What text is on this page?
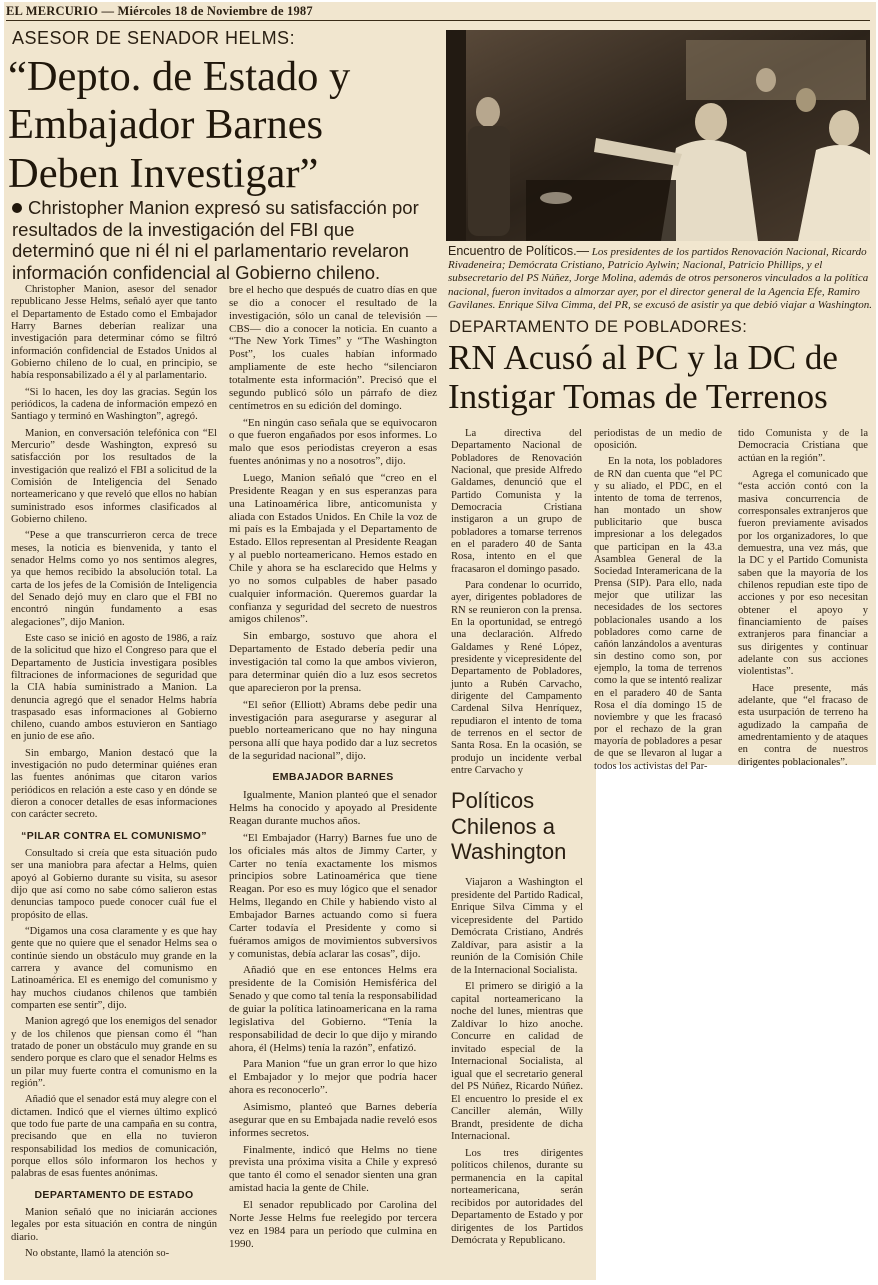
EL MERCURIO — Miércoles 18 de Noviembre de 1987
ASESOR DE SENADOR HELMS:
“Depto. de Estado y
Embajador Barnes
Deben Investigar”
Christopher Manion expresó su satisfacción por resultados de la investigación del FBI que determinó que ni él ni el parlamentario revelaron información confidencial al Gobierno chileno.

Christopher Manion, asesor del senador republicano Jesse Helms, señaló ayer que tanto el Departamento de Estado como el Embajador Harry Barnes deberían realizar una investigación para determinar cómo se filtró información confidencial de Estados Unidos al Gobierno chileno de lo cual, en principio, se había responsabilizado a él y al parlamentario.

“Si lo hacen, les doy las gracias. Según los periódicos, la cadena de información empezó en Santiago y terminó en Washington”, agregó.

Manion, en conversación telefónica con “El Mercurio” desde Washington, expresó su satisfacción por los resultados de la investigación que realizó el FBI a solicitud de la Comisión de Inteligencia del Senado norteamericano y que reveló que ellos no habían suministrado esos informes clasificados al Gobierno chileno.

“Pese a que transcurrieron cerca de trece meses, la noticia es bienvenida, y tanto el senador Helms como yo nos sentimos alegres, ya que hemos recibido la absolución total. La carta de los jefes de la Comisión de Inteligencia del Senado dejó muy en claro que el FBI no encontró ningún fundamento a esas alegaciones”, dijo Manion.

Este caso se inició en agosto de 1986, a raíz de la solicitud que hizo el Congreso para que el Departamento de Justicia investigara posibles filtraciones de informaciones de seguridad que la CIA había suministrado a Manion. La denuncia agregó que el senador Helms habría traspasado esas informaciones al Gobierno chileno, cuando ambos estuvieron en Santiago en junio de ese año.

Sin embargo, Manion destacó que la investigación no pudo determinar quiénes eran las fuentes anónimas que citaron varios periódicos en relación a este caso y en dónde se dieron a conocer detalles de esas informaciones con carácter secreto.

“PILAR CONTRA EL COMUNISMO”

Consultado si creía que esta situación pudo ser una maniobra para afectar a Helms, quien apoyó al Gobierno durante su visita, su asesor dijo que así como no sabe cómo salieron estas denuncias tampoco puede conocer cuál fue el propósito de ellas.

“Digamos una cosa claramente y es que hay gente que no quiere que el senador Helms sea o continúe siendo un obstáculo muy grande en la carrera y avance del comunismo en Latinoamérica. El es enemigo del comunismo y hay muchos ciudanos chilenos que también comparten ese sentir”, dijo.

Manion agregó que los enemigos del senador y de los chilenos que piensan como él “han tratado de poner un obstáculo muy grande en su sendero porque es claro que el senador Helms es un pilar muy fuerte contra el comunismo en la región”.

Añadió que el senador está muy alegre con el dictamen. Indicó que el viernes último explicó que todo fue parte de una campaña en su contra, precisando que en ella no tuvieron responsabilidad los medios de comunicación, porque ellos sólo informaron los hechos y palabras de esas fuentes anónimas.

DEPARTAMENTO DE ESTADO

Manion señaló que no iniciarán acciones legales por esta situación en contra de ningún diario.

No obstante, llamó la atención so-

bre el hecho que después de cuatro días en que se dio a conocer el resultado de la investigación, sólo un canal de televisión —CBS— dio a conocer la noticia. En cuanto a “The New York Times” y “The Washington Post”, los cuales habían informado ampliamente de este hecho “silenciaron totalmente esta información”. Precisó que el segundo publicó sólo un párrafo de diez centímetros en su edición del domingo.

“En ningún caso señala que se equivocaron o que fueron engañados por esos informes. Lo malo que esos periodistas creyeron a esas fuentes anónimas y no a nosotros”, dijo.

Luego, Manion señaló que “creo en el Presidente Reagan y en sus esperanzas para una Latinoamérica libre, anticomunista y aliada con Estados Unidos. En Chile la voz de mi país es la Embajada y el Departamento de Estado. Ellos representan al Presidente Reagan y al pueblo norteamericano. Hemos estado en Chile y ahora se ha esclarecido que Helms y yo no somos culpables de haber pasado cualquier información. Queremos guardar la confianza y seguridad del secreto de nuestros amigos chilenos”.

Sin embargo, sostuvo que ahora el Departamento de Estado debería pedir una investigación tal como la que ambos vivieron, para determinar quién dio a luz esos secretos que aparecieron por la prensa.

“El señor (Elliott) Abrams debe pedir una investigación para asegurarse y asegurar al pueblo norteamericano que no hay ninguna persona allí que haya podido dar a luz secretos de la seguridad nacional”, dijo.

EMBAJADOR BARNES

Igualmente, Manion planteó que el senador Helms ha conocido y apoyado al Presidente Reagan durante muchos años.

“El Embajador (Harry) Barnes fue uno de los oficiales más altos de Jimmy Carter, y Carter no tenía exactamente los mismos principios sobre Latinoamérica que tiene Reagan. Por eso es muy lógico que el senador Helms, llegando en Chile y habiendo visto al Embajador Barnes actuando como si fuera Carter todavía el Presidente y como si fuéramos amigos de movimientos subversivos y comunistas, debía aclarar las cosas”, dijo.

Añadió que en ese entonces Helms era presidente de la Comisión Hemisférica del Senado y que como tal tenía la responsabilidad de guiar la política latinoamericana en la rama legislativa del Gobierno. “Tenía la responsabilidad de decir lo que dijo y mirando ahora, él (Helms) tenía la razón”, enfatizó.

Para Manion “fue un gran error lo que hizo el Embajador y lo mejor que podría hacer ahora es reconocerlo”.

Asimismo, planteó que Barnes debería asegurar que en su Embajada nadie reveló esos informes secretos.

Finalmente, indicó que Helms no tiene prevista una próxima visita a Chile y expresó que tanto él como el senador sienten una gran amistad hacia la gente de Chile.

El senador republicado por Carolina del Norte Jesse Helms fue reelegido por tercera vez en 1984 para un período que culmina en 1990.

Encuentro de Políticos.— Los presidentes de los partidos Renovación Nacional, Ricardo Rivadeneira; Demócrata Cristiano, Patricio Aylwin; Nacional, Patricio Phillips, y el subsecretario del PS Núñez, Jorge Molina, además de otros personeros vinculados a la política nacional, fueron invitados a almorzar ayer, por el director general de la Agencia Efe, Ramiro Gavilanes. Enrique Silva Cimma, del PR, se excusó de asistir ya que debió viajar a Washington.
DEPARTAMENTO DE POBLADORES:
RN Acusó al PC y la DC de
Instigar Tomas de Terrenos

La directiva del Departamento Nacional de Pobladores de Renovación Nacional, que preside Alfredo Galdames, denunció que el Partido Comunista y la Democracia Cristiana instigaron a un grupo de pobladores a tomarse terrenos en el paradero 40 de Santa Rosa, intento en el que fracasaron el domingo pasado.

Para condenar lo ocurrido, ayer, dirigentes pobladores de RN se reunieron con la prensa. En la oportunidad, se entregó una declaración. Alfredo Galdames y René López, presidente y vicepresidente del Departamento de Pobladores, junto a Rubén Carvacho, dirigente del Campamento Cardenal Silva Henríquez, repudiaron el intento de toma de terrenos en el sector de Santa Rosa. En la ocasión, se produjo un incidente verbal entre Carvacho y

periodistas de un medio de oposición.

En la nota, los pobladores de RN dan cuenta que “el PC y su aliado, el PDC, en el intento de toma de terrenos, han montado un show publicitario que busca impresionar a los delegados que participan en la 43.a Asamblea General de la Sociedad Interamericana de la Prensa (SIP). Para ello, nada mejor que utilizar las necesidades de los sectores poblacionales usando a los pobladores como carne de cañón lanzándolos a aventuras sin destino como son, por ejemplo, la toma de terrenos como la que se intentó realizar en el paradero 40 de Santa Rosa el día domingo 15 de noviembre y que les fracasó por el rechazo de la gran mayoría de pobladores a pesar de que se llevaron al lugar a todos los activistas del Par-

tido Comunista y de la Democracia Cristiana que actúan en la región”.

Agrega el comunicado que “esta acción contó con la masiva concurrencia de corresponsales extranjeros que fueron previamente avisados por los organizadores, lo que demuestra, una vez más, que la DC y el Partido Comunista saben que la mayoría de los chilenos repudian este tipo de acciones y por eso necesitan obtener el apoyo y financiamiento de países extranjeros para financiar a sus dirigentes y continuar adelante con sus acciones violentistas”.

Hace presente, más adelante, que “el fracaso de esta usurpación de terreno ha agudizado la campaña de amedrentamiento y de ataques en contra de nuestros dirigentes poblacionales”.

Políticos
Chilenos a
Washington

Viajaron a Washington el presidente del Partido Radical, Enrique Silva Cimma y el vicepresidente del Partido Demócrata Cristiano, Andrés Zaldívar, para asistir a la reunión de la Comisión Chile de la Internacional Socialista.

El primero se dirigió a la capital norteamericano la noche del lunes, mientras que Zaldívar lo hizo anoche. Concurre en calidad de invitado especial de la Internacional Socialista, al igual que el secretario general del PS Núñez, Ricardo Núñez. El encuentro lo preside el ex Canciller alemán, Willy Brandt, presidente de dicha Internacional.

Los tres dirigentes políticos chilenos, durante su permanencia en la capital norteamericana, serán recibidos por autoridades del Departamento de Estado y por dirigentes de los Partidos Demócrata y Republicano.
